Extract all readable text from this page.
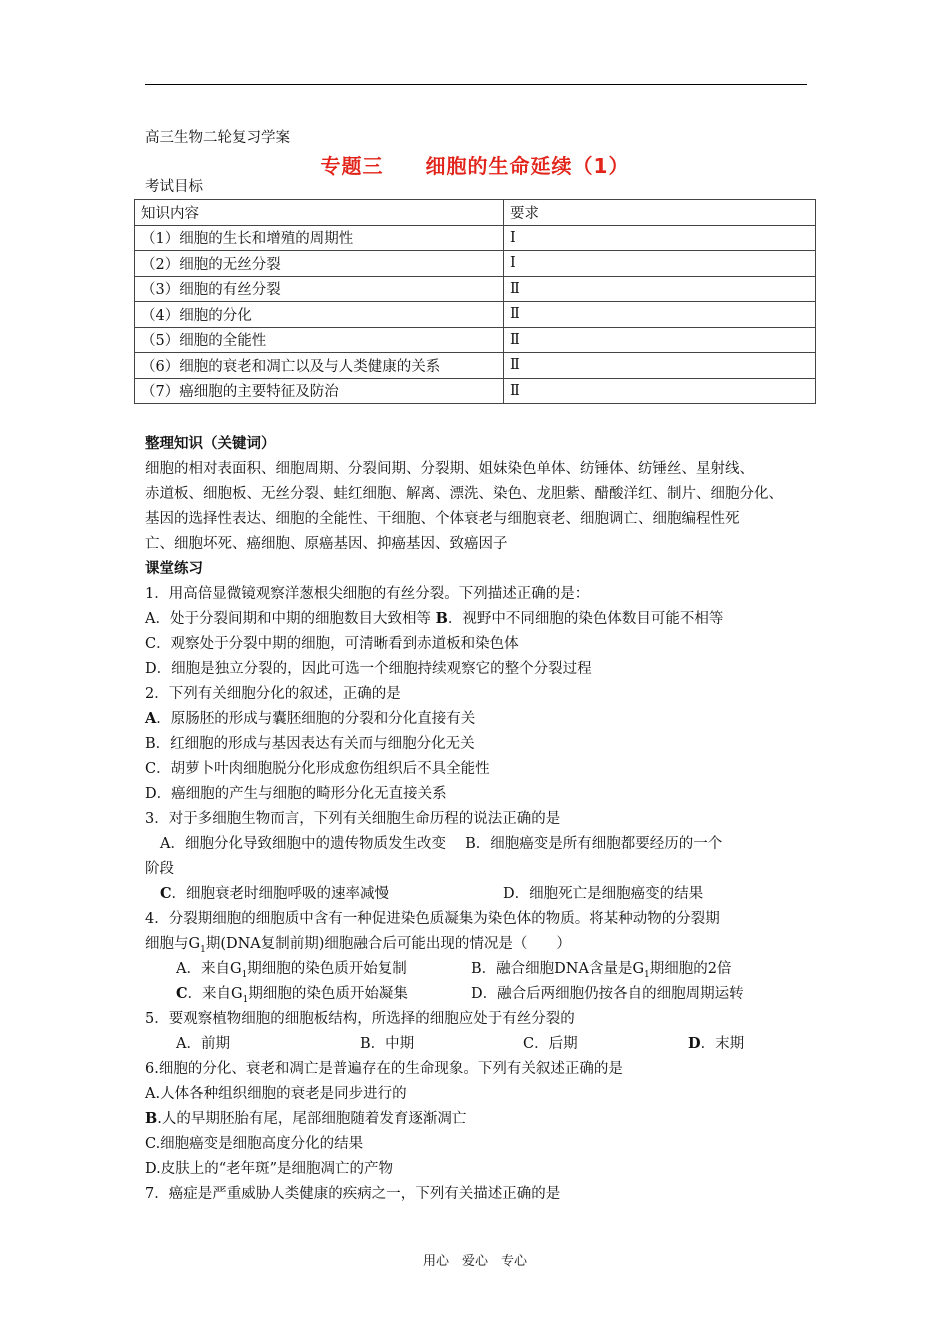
高三生物二轮复习学案
专题三　　细胞的生命延续（1）
考试目标
知识内容	要求
（1）细胞的生长和增殖的周期性	Ⅰ
（2）细胞的无丝分裂	Ⅰ
（3）细胞的有丝分裂	Ⅱ
（4）细胞的分化	Ⅱ
（5）细胞的全能性	Ⅱ
（6）细胞的衰老和凋亡以及与人类健康的关系	Ⅱ
（7）癌细胞的主要特征及防治	Ⅱ
整理知识（关键词）
细胞的相对表面积、细胞周期、分裂间期、分裂期、姐妹染色单体、纺锤体、纺锤丝、星射线、
赤道板、细胞板、无丝分裂、蛙红细胞、解离、漂洗、染色、龙胆紫、醋酸洋红、制片、细胞分化、
基因的选择性表达、细胞的全能性、干细胞、个体衰老与细胞衰老、细胞调亡、细胞编程性死
亡、细胞坏死、癌细胞、原癌基因、抑癌基因、致癌因子
课堂练习
1．用高倍显微镜观察洋葱根尖细胞的有丝分裂。下列描述正确的是：
A．处于分裂间期和中期的细胞数目大致相等 B．视野中不同细胞的染色体数目可能不相等
C．观察处于分裂中期的细胞，可清晰看到赤道板和染色体
D．细胞是独立分裂的，因此可选一个细胞持续观察它的整个分裂过程
2．下列有关细胞分化的叙述，正确的是
A．原肠胚的形成与囊胚细胞的分裂和分化直接有关
B．红细胞的形成与基因表达有关而与细胞分化无关
C．胡萝卜叶肉细胞脱分化形成愈伤组织后不具全能性
D．癌细胞的产生与细胞的畸形分化无直接关系
3．对于多细胞生物而言，下列有关细胞生命历程的说法正确的是
A．细胞分化导致细胞中的遗传物质发生改变　 B．细胞癌变是所有细胞都要经历的一个
阶段
C．细胞衰老时细胞呼吸的速率减慢	D．细胞死亡是细胞癌变的结果
4．分裂期细胞的细胞质中含有一种促进染色质凝集为染色体的物质。将某种动物的分裂期
细胞与$G_1$期(DNA复制前期)细胞融合后可能出现的情况是（　　）
A．来自$G_1$期细胞的染色质开始复制	B．融合细胞DNA含量是$G_1$期细胞的2倍
C．来自$G_1$期细胞的染色质开始凝集	D．融合后两细胞仍按各自的细胞周期运转
5．要观察植物细胞的细胞板结构，所选择的细胞应处于有丝分裂的
A．前期	B．中期	C．后期	D．末期
6.细胞的分化、衰老和凋亡是普遍存在的生命现象。下列有关叙述正确的是
A.人体各种组织细胞的衰老是同步进行的
B.人的早期胚胎有尾，尾部细胞随着发育逐渐凋亡
C.细胞癌变是细胞高度分化的结果
D.皮肤上的“老年斑”是细胞凋亡的产物
7．癌症是严重威胁人类健康的疾病之一，下列有关描述正确的是
用心　爱心　专心
